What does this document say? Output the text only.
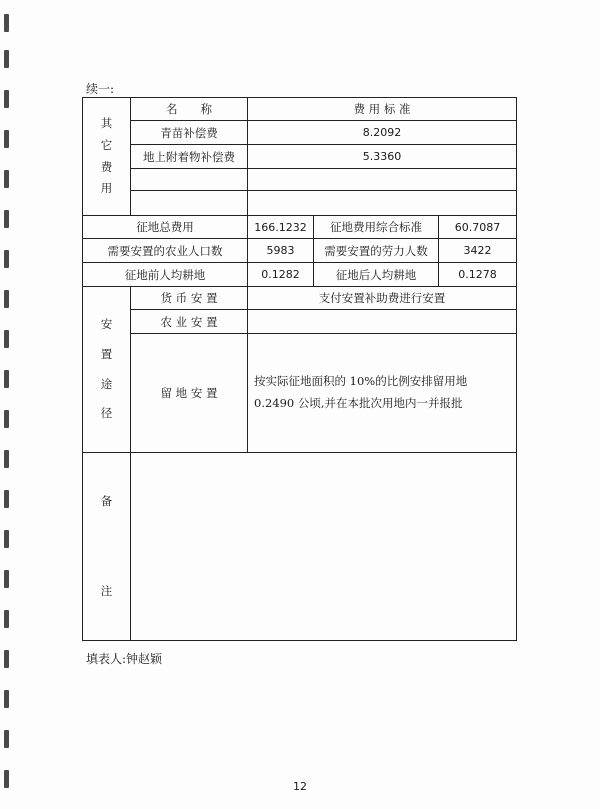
续一:
其
它
费
用	名　　称	费 用 标 准		
	青苗补偿费	8.2092		
	地上附着物补偿费	5.3360		

征地总费用		166.1232	征地费用综合标准	60.7087
需要安置的农业人口数		5983	需要安置的劳力人数	3422
征地前人均耕地		0.1282	征地后人均耕地	0.1278
安
置
途
径	货 币 安 置	支付安置补助费进行安置		
	农 业 安 置			
	留 地 安 置	按实际征地面积的 10%的比例安排留用地 0.2490 公顷,并在本批次用地内一并报批		

备
注				

填表人:钟赵颖
12
